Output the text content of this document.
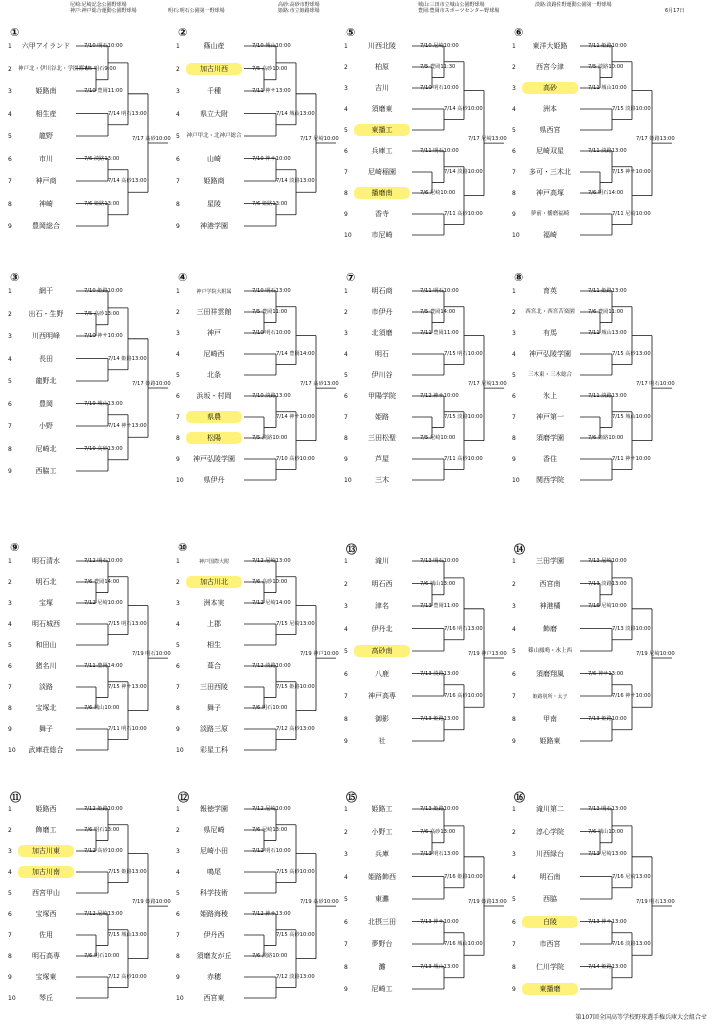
尼崎:尼崎記念公園野球場
神戸:神戸総合運動公園野球場	明石:明石公園第一野球場
高砂:高砂市野球場
姫路:市立姫路球場
城山:三田市立城山公園野球場
豊岡:豊岡市スポーツセンター野球場
淡路:淡路佐野運動公園第一野球場
6月17日
①
1 六甲アイランド
2 神戸北・伊川谷北・学園都市
3	姫路南
4	相生産
5	龍野
6	市川
7	神戸商
8	神崎
9	豊岡総合
7/10 明石10:00
7/5 明石9:00
7/10 豊岡11:00
7/14 明石13:00
7/6 淡路13:00
7/14 高砂13:00
7/6 姫路13:00
7/17 高砂10:00
②
1	篠山産
2	加古川西
3	千種
4	県立大附
5 神戸甲北・北神戸総合
6	山崎
7	姫路商
8	星陵
9	神港学園
7/10 城山10:00
7/5 高砂10:00
7/11 神サ13:00
7/14 城山13:00
7/10 神サ10:00
7/14 淡路13:00
7/6 姫路13:00
7/17 尼崎10:00
⑤
1	川西北陵
2	柏原
3	吉川
4	須磨東
5	東播工
6	兵庫工
7	尼崎稲園
8	播磨南
9	香寺
10	市尼崎
7/10 尼崎10:00
7/5 豊岡11:30
7/10 明石10:00
7/14 高砂10:00
7/11 明石10:00
7/14 淡路10:00
7/6 尼崎10:00
7/11 高砂10:00
7/17 尼崎13:00
⑥
1 東洋大姫路
2	西宮今津
3	高砂
4	洲本
5	県西宮
6	尼崎双星
7 多可・三木北
8	神戸高塚
9	夢前・播磨福崎
10	福崎
7/11 姫路10:00
7/5 淡路10:00
7/11 城山10:00
7/15 淡路10:00
7/11 淡路13:00
7/15 神サ10:00
7/6 明石14:00
7/11 尼崎10:00
7/17 姫路13:00
③
1	網干
2 出石・生野
3	川西明峰
4	長田
5	龍野北
6	豊岡
7	小野
8	尼崎北
9	西脇工
7/10 姫路10:00
7/5 高砂13:00
7/10 神サ10:00
7/14 姫路13:00
7/10 城山13:00
7/14 神サ13:00
7/10 高砂13:00
7/17 姫路10:00
④
1	神戸学院大附属
2 三田祥雲館
3	神戸
4	尼崎西
5	北条
6 浜坂・村岡
7	県農
8	松陽
9 神戸弘陵学園
10	県伊丹
7/10 明石13:00
7/5 豊岡11:00
7/10 明石10:00
7/14 豊岡14:00
7/10 淡路13:00
7/14 神サ10:00
7/5 淡路10:00
7/10 高砂10:00
7/17 高砂13:00
⑦
1	明石商
2	市伊丹
3	北須磨
4	明石
5	伊川谷
6	甲陽学院
7	姫路
8	三田松聖
9	芦屋
10	三木
7/11 明石10:00
7/5 豊岡14:00
7/11 豊岡11:00
7/15 明石10:00
7/12 神サ10:00
7/15 淡路10:00
7/5 尼崎10:00
7/11 高砂10:00
7/17 尼崎13:00
⑧
1	育英
2 西宮北・西宮苦楽園
3	有馬
4 神戸弘陵学園
5 三木東・三木総合
6	氷上
7	神戸第一
8	須磨学園
9	香住
10 関西学院
7/11 姫路13:00
7/6 豊岡11:00
7/11 城山13:00
7/15 高砂13:00
7/11 淡路13:00
7/15 城山10:00
7/6 姫路10:00
7/11 神サ10:00
7/17 明石10:00
⑨
1	明石清水
2	明石北
3	宝塚
4	明石城西
5	和田山
6	猪名川
7	淡路
8	宝塚北
9	舞子
10 武庫荘総合
7/12 明石10:00
7/6 豊岡14:00
7/12 尼崎10:00
7/15 明石13:00
7/11 豊岡14:00
7/15 神サ13:00
7/6 城山10:00
7/11 明石10:00
7/19 明石10:00
⑩
1	神戸国際大附
2	加古川北
3	洲本実
4	上郡
5	相生
6	葺合
7	三田西陵
8	舞子
9	淡路三原
10 彩星工科
7/12 尼崎13:00
7/6 高砂10:00
7/12 尼崎14:00
7/15 尼崎13:00
7/12 淡路10:00
7/15 姫路10:00
7/6 明石10:00
7/12 高砂13:00
7/19 神戸10:00
⑬
1	滝川
2	明石西
3	津名
4	伊丹北
5	高砂南
6	八鹿
7	神戸高専
8	御影
9	社
7/13 明石10:00
7/6 城山13:00
7/13 豊岡11:00
7/16 明石13:00
7/13 淡路13:00
7/16 高砂10:00
7/13 姫路13:00
7/19 神戸13:00
⑭
1	三田学園
2	西宮南
3	神港橘
4	飾磨
5 篠山鳳鳴・氷上西
6	須磨翔風
7	姫路別所・太子
8	甲南
9	姫路東
7/13 尼崎10:00
7/13 淡路13:00
7/16 尼崎10:00
7/13 淡路10:00
7/6 神サ13:00
7/16 神サ10:00
7/13 姫路10:00
7/19 尼崎10:00
⑪
1	姫路西
2	飾磨工
3	加古川東
4	加古川南
5	西宮甲山
6	宝塚西
7	佐用
8	明石高専
9	宝塚東
10	琴丘
7/12 姫路10:00
7/6 明石13:00
7/12 高砂10:00
7/15 姫路13:00
7/12 尼崎13:00
7/15 城山13:00
7/6 明石10:00
7/12 高砂10:00
7/19 姫路10:00
⑫
1	報徳学園
2	県尼崎
3	尼崎小田
4	鳴尾
5	科学技術
6	姫路海稜
7	伊丹西
8 須磨友が丘
9	赤穂
10	西宮東
7/12 尼崎10:00
7/6 尼崎13:00
7/12 明石10:00
7/15 高砂10:00
7/12 神サ13:00
7/15 高砂10:00
7/6 淡路10:00
7/12 淡路13:00
7/19 高砂10:00
⑮
1	姫路工
2	小野工
3	兵庫
4	姫路飾西
5	東灘
6	北摂三田
7	夢野台
8	灘
9	尼崎工
7/13 姫路10:00
7/6 高砂13:00
7/13 明石13:00
7/16 姫路10:00
7/13 神サ10:00
7/16 城山10:00
7/13 城山13:00
7/19 姫路13:00
⑯
1	滝川第二
2	淳心学院
3	川西緑台
4	明石南
5	西脇
6	白陵
7	市西宮
8	仁川学院
9	東播磨
7/13 明石13:00
7/6 城山10:00
7/13 尼崎13:00
7/16 尼崎13:00
7/13 神サ13:00
7/16 淡路13:00
7/14 姫路13:00
7/19 明石13:00
第107回全国高等学校野球選手権兵庫大会組合せ
